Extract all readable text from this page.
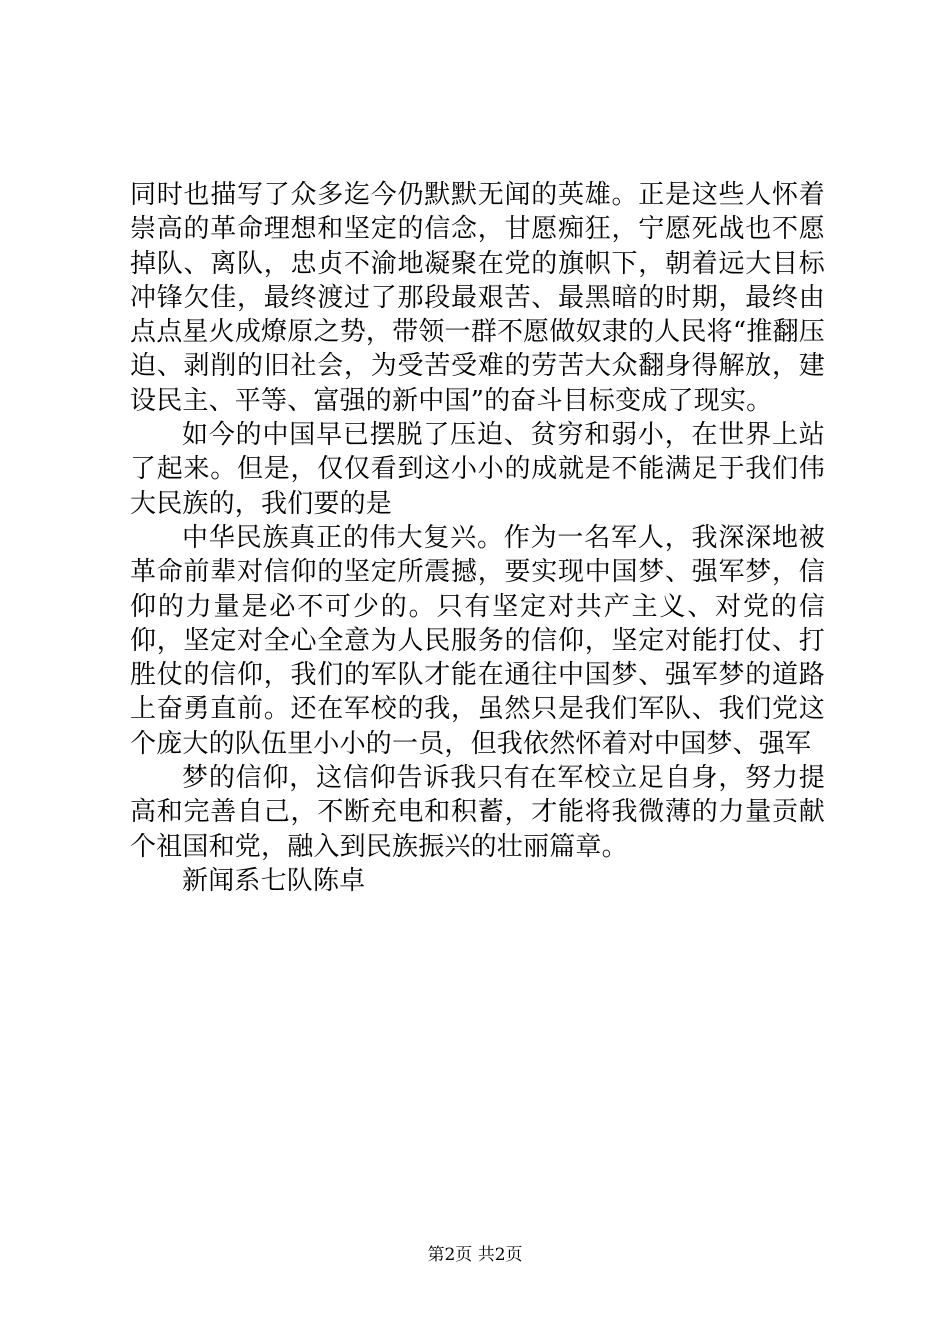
同时也描写了众多迄今仍默默无闻的英雄。正是这些人怀着崇高的革命理想和坚定的信念，甘愿痴狂，宁愿死战也不愿掉队、离队，忠贞不渝地凝聚在党的旗帜下，朝着远大目标冲锋欠佳，最终渡过了那段最艰苦、最黑暗的时期，最终由点点星火成燎原之势，带领一群不愿做奴隶的人民将“推翻压迫、剥削的旧社会，为受苦受难的劳苦大众翻身得解放，建设民主、平等、富强的新中国”的奋斗目标变成了现实。

如今的中国早已摆脱了压迫、贫穷和弱小，在世界上站了起来。但是，仅仅看到这小小的成就是不能满足于我们伟大民族的，我们要的是

中华民族真正的伟大复兴。作为一名军人，我深深地被革命前辈对信仰的坚定所震撼，要实现中国梦、强军梦，信仰的力量是必不可少的。只有坚定对共产主义、对党的信仰，坚定对全心全意为人民服务的信仰，坚定对能打仗、打胜仗的信仰，我们的军队才能在通往中国梦、强军梦的道路上奋勇直前。还在军校的我，虽然只是我们军队、我们党这个庞大的队伍里小小的一员，但我依然怀着对中国梦、强军

梦的信仰，这信仰告诉我只有在军校立足自身，努力提高和完善自己，不断充电和积蓄，才能将我微薄的力量贡献个祖国和党，融入到民族振兴的壮丽篇章。

新闻系七队陈卓

第2页 共2页
